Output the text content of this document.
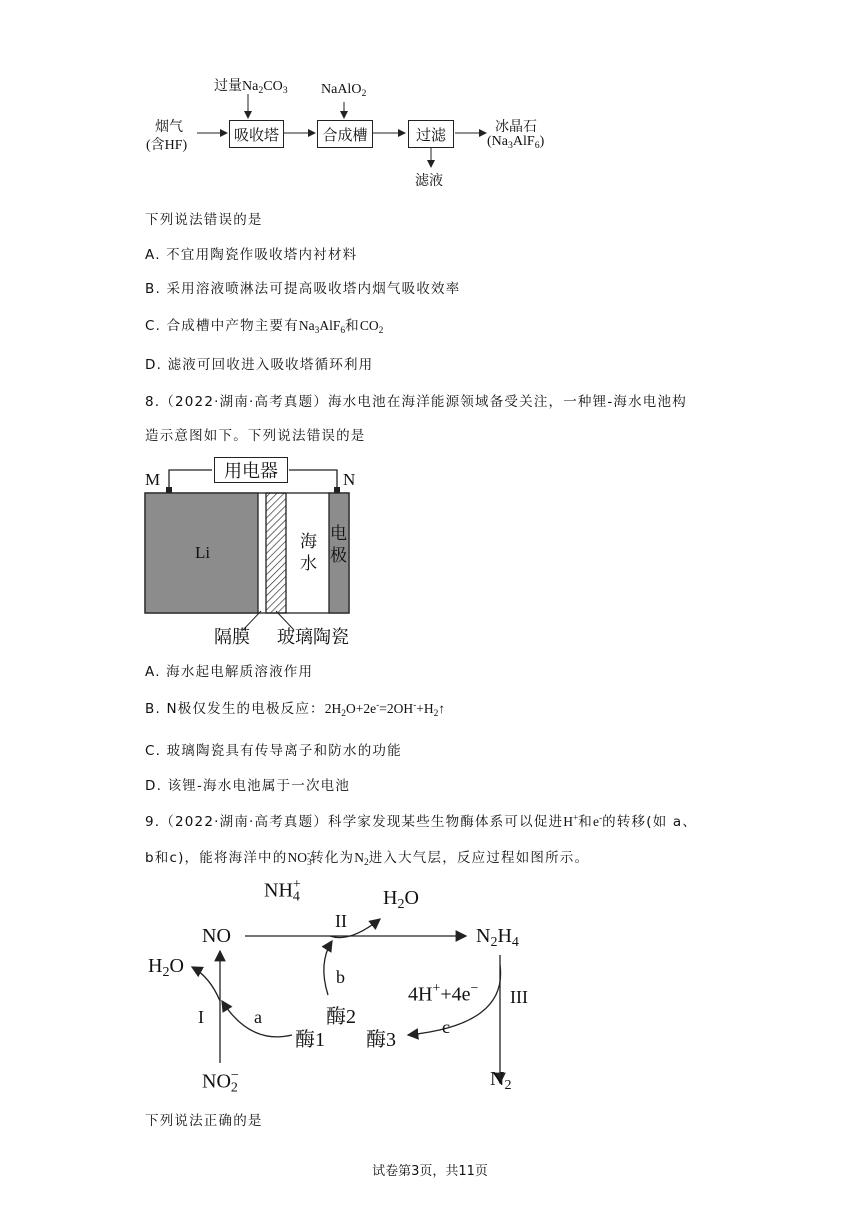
烟气
(含HF)
过量$Na_2CO_3$ NaAlO$_2$
吸收塔	合成槽	过滤	冰晶石
$(Na_3AlF_6)$
滤液
下列说法错误的是
A. 不宜用陶瓷作吸收塔内衬材料
B. 采用溶液喷淋法可提高吸收塔内烟气吸收效率
C. 合成槽中产物主要有$Na_3AlF_6$和$CO_2$
D. 滤液可回收进入吸收塔循环利用
8.（2022·湖南·高考真题）海水电池在海洋能源领域备受关注，一种锂-海水电池构
造示意图如下。下列说法错误的是
用电器
M	N
Li
海水
电极
隔膜 玻璃陶瓷
A. 海水起电解质溶液作用
B. N极仅发生的电极反应：$2H_2O+2e^-=2OH^-+H_2↑$
C. 玻璃陶瓷具有传导离子和防水的功能
D. 该锂-海水电池属于一次电池
9.（2022·湖南·高考真题）科学家发现某些生物酶体系可以促进H+和e-的转移(如 a、
b和c)，能将海洋中的$NO_3^-$转化为$N_2$进入大气层，反应过程如图所示。
$NH_4^+$
$H_2O$
NO
II
$N_2H_4$
$H_2O$	b
4H++4e− III
酶2
I	a	c
酶1 酶3
$NO_2^-$	$N_2$
下列说法正确的是
试卷第3页，共11页
